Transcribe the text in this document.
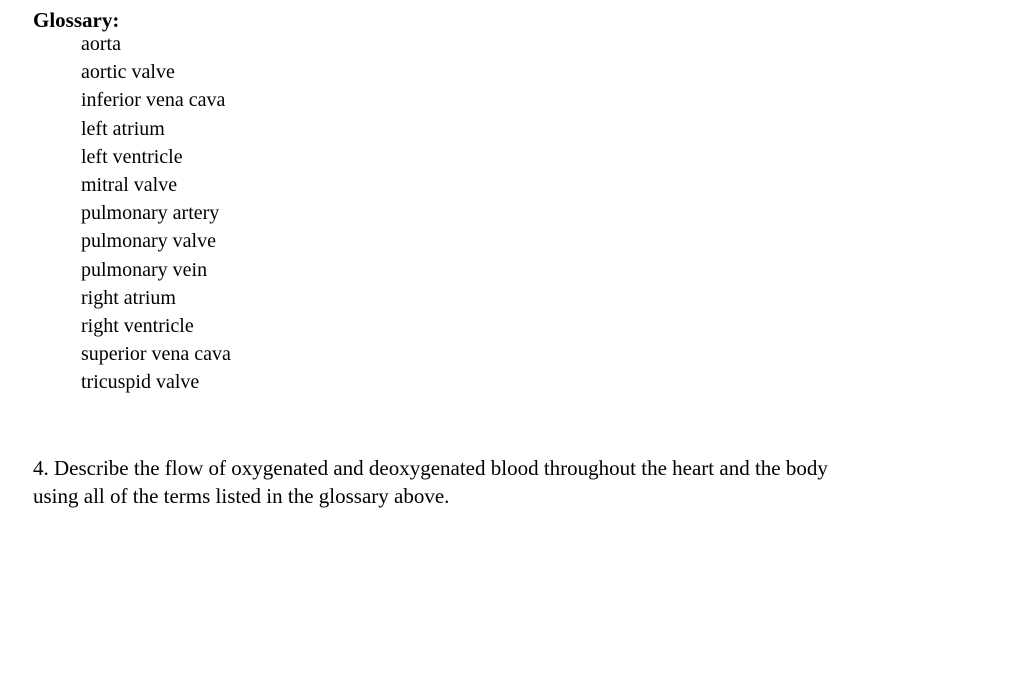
Glossary:
aorta
aortic valve
inferior vena cava
left atrium
left ventricle
mitral valve
pulmonary artery
pulmonary valve
pulmonary vein
right atrium
right ventricle
superior vena cava
tricuspid valve

4. Describe the flow of oxygenated and deoxygenated blood throughout the heart and the body
using all of the terms listed in the glossary above.
